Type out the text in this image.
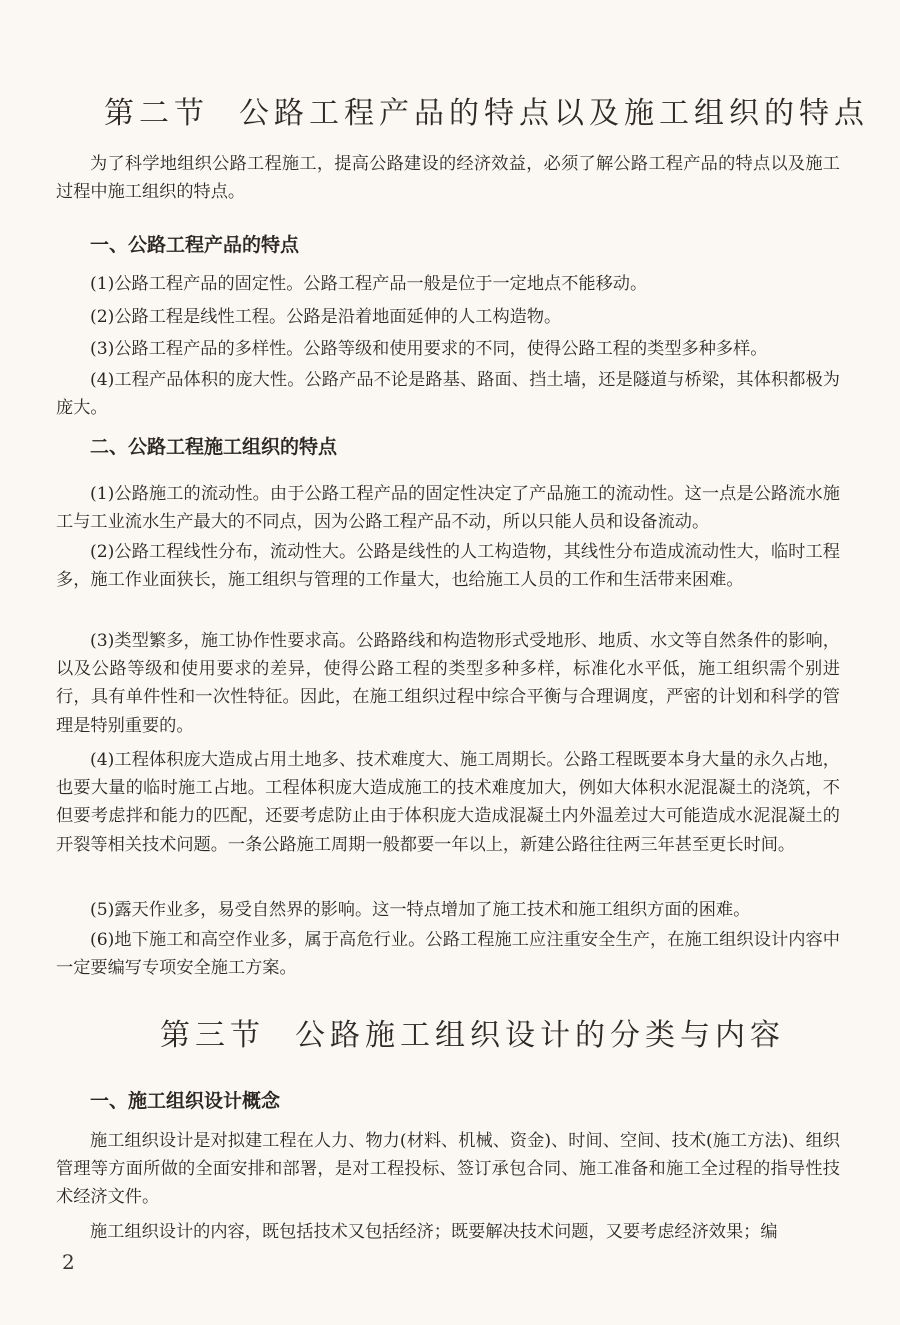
第二节 公路工程产品的特点以及施工组织的特点
为了科学地组织公路工程施工，提高公路建设的经济效益，必须了解公路工程产品的特点以及施工过程中施工组织的特点。
一、公路工程产品的特点
(1)公路工程产品的固定性。公路工程产品一般是位于一定地点不能移动。
(2)公路工程是线性工程。公路是沿着地面延伸的人工构造物。
(3)公路工程产品的多样性。公路等级和使用要求的不同，使得公路工程的类型多种多样。
(4)工程产品体积的庞大性。公路产品不论是路基、路面、挡土墙，还是隧道与桥梁，其体积都极为庞大。
二、公路工程施工组织的特点
(1)公路施工的流动性。由于公路工程产品的固定性决定了产品施工的流动性。这一点是公路流水施工与工业流水生产最大的不同点，因为公路工程产品不动，所以只能人员和设备流动。
(2)公路工程线性分布，流动性大。公路是线性的人工构造物，其线性分布造成流动性大，临时工程多，施工作业面狭长，施工组织与管理的工作量大，也给施工人员的工作和生活带来困难。
(3)类型繁多，施工协作性要求高。公路路线和构造物形式受地形、地质、水文等自然条件的影响，以及公路等级和使用要求的差异，使得公路工程的类型多种多样，标准化水平低，施工组织需个别进行，具有单件性和一次性特征。因此，在施工组织过程中综合平衡与合理调度，严密的计划和科学的管理是特别重要的。
(4)工程体积庞大造成占用土地多、技术难度大、施工周期长。公路工程既要本身大量的永久占地，也要大量的临时施工占地。工程体积庞大造成施工的技术难度加大，例如大体积水泥混凝土的浇筑，不但要考虑拌和能力的匹配，还要考虑防止由于体积庞大造成混凝土内外温差过大可能造成水泥混凝土的开裂等相关技术问题。一条公路施工周期一般都要一年以上，新建公路往往两三年甚至更长时间。
(5)露天作业多，易受自然界的影响。这一特点增加了施工技术和施工组织方面的困难。
(6)地下施工和高空作业多，属于高危行业。公路工程施工应注重安全生产，在施工组织设计内容中一定要编写专项安全施工方案。
第三节 公路施工组织设计的分类与内容
一、施工组织设计概念
施工组织设计是对拟建工程在人力、物力(材料、机械、资金)、时间、空间、技术(施工方法)、组织管理等方面所做的全面安排和部署，是对工程投标、签订承包合同、施工准备和施工全过程的指导性技术经济文件。
施工组织设计的内容，既包括技术又包括经济；既要解决技术问题，又要考虑经济效果；编
2
